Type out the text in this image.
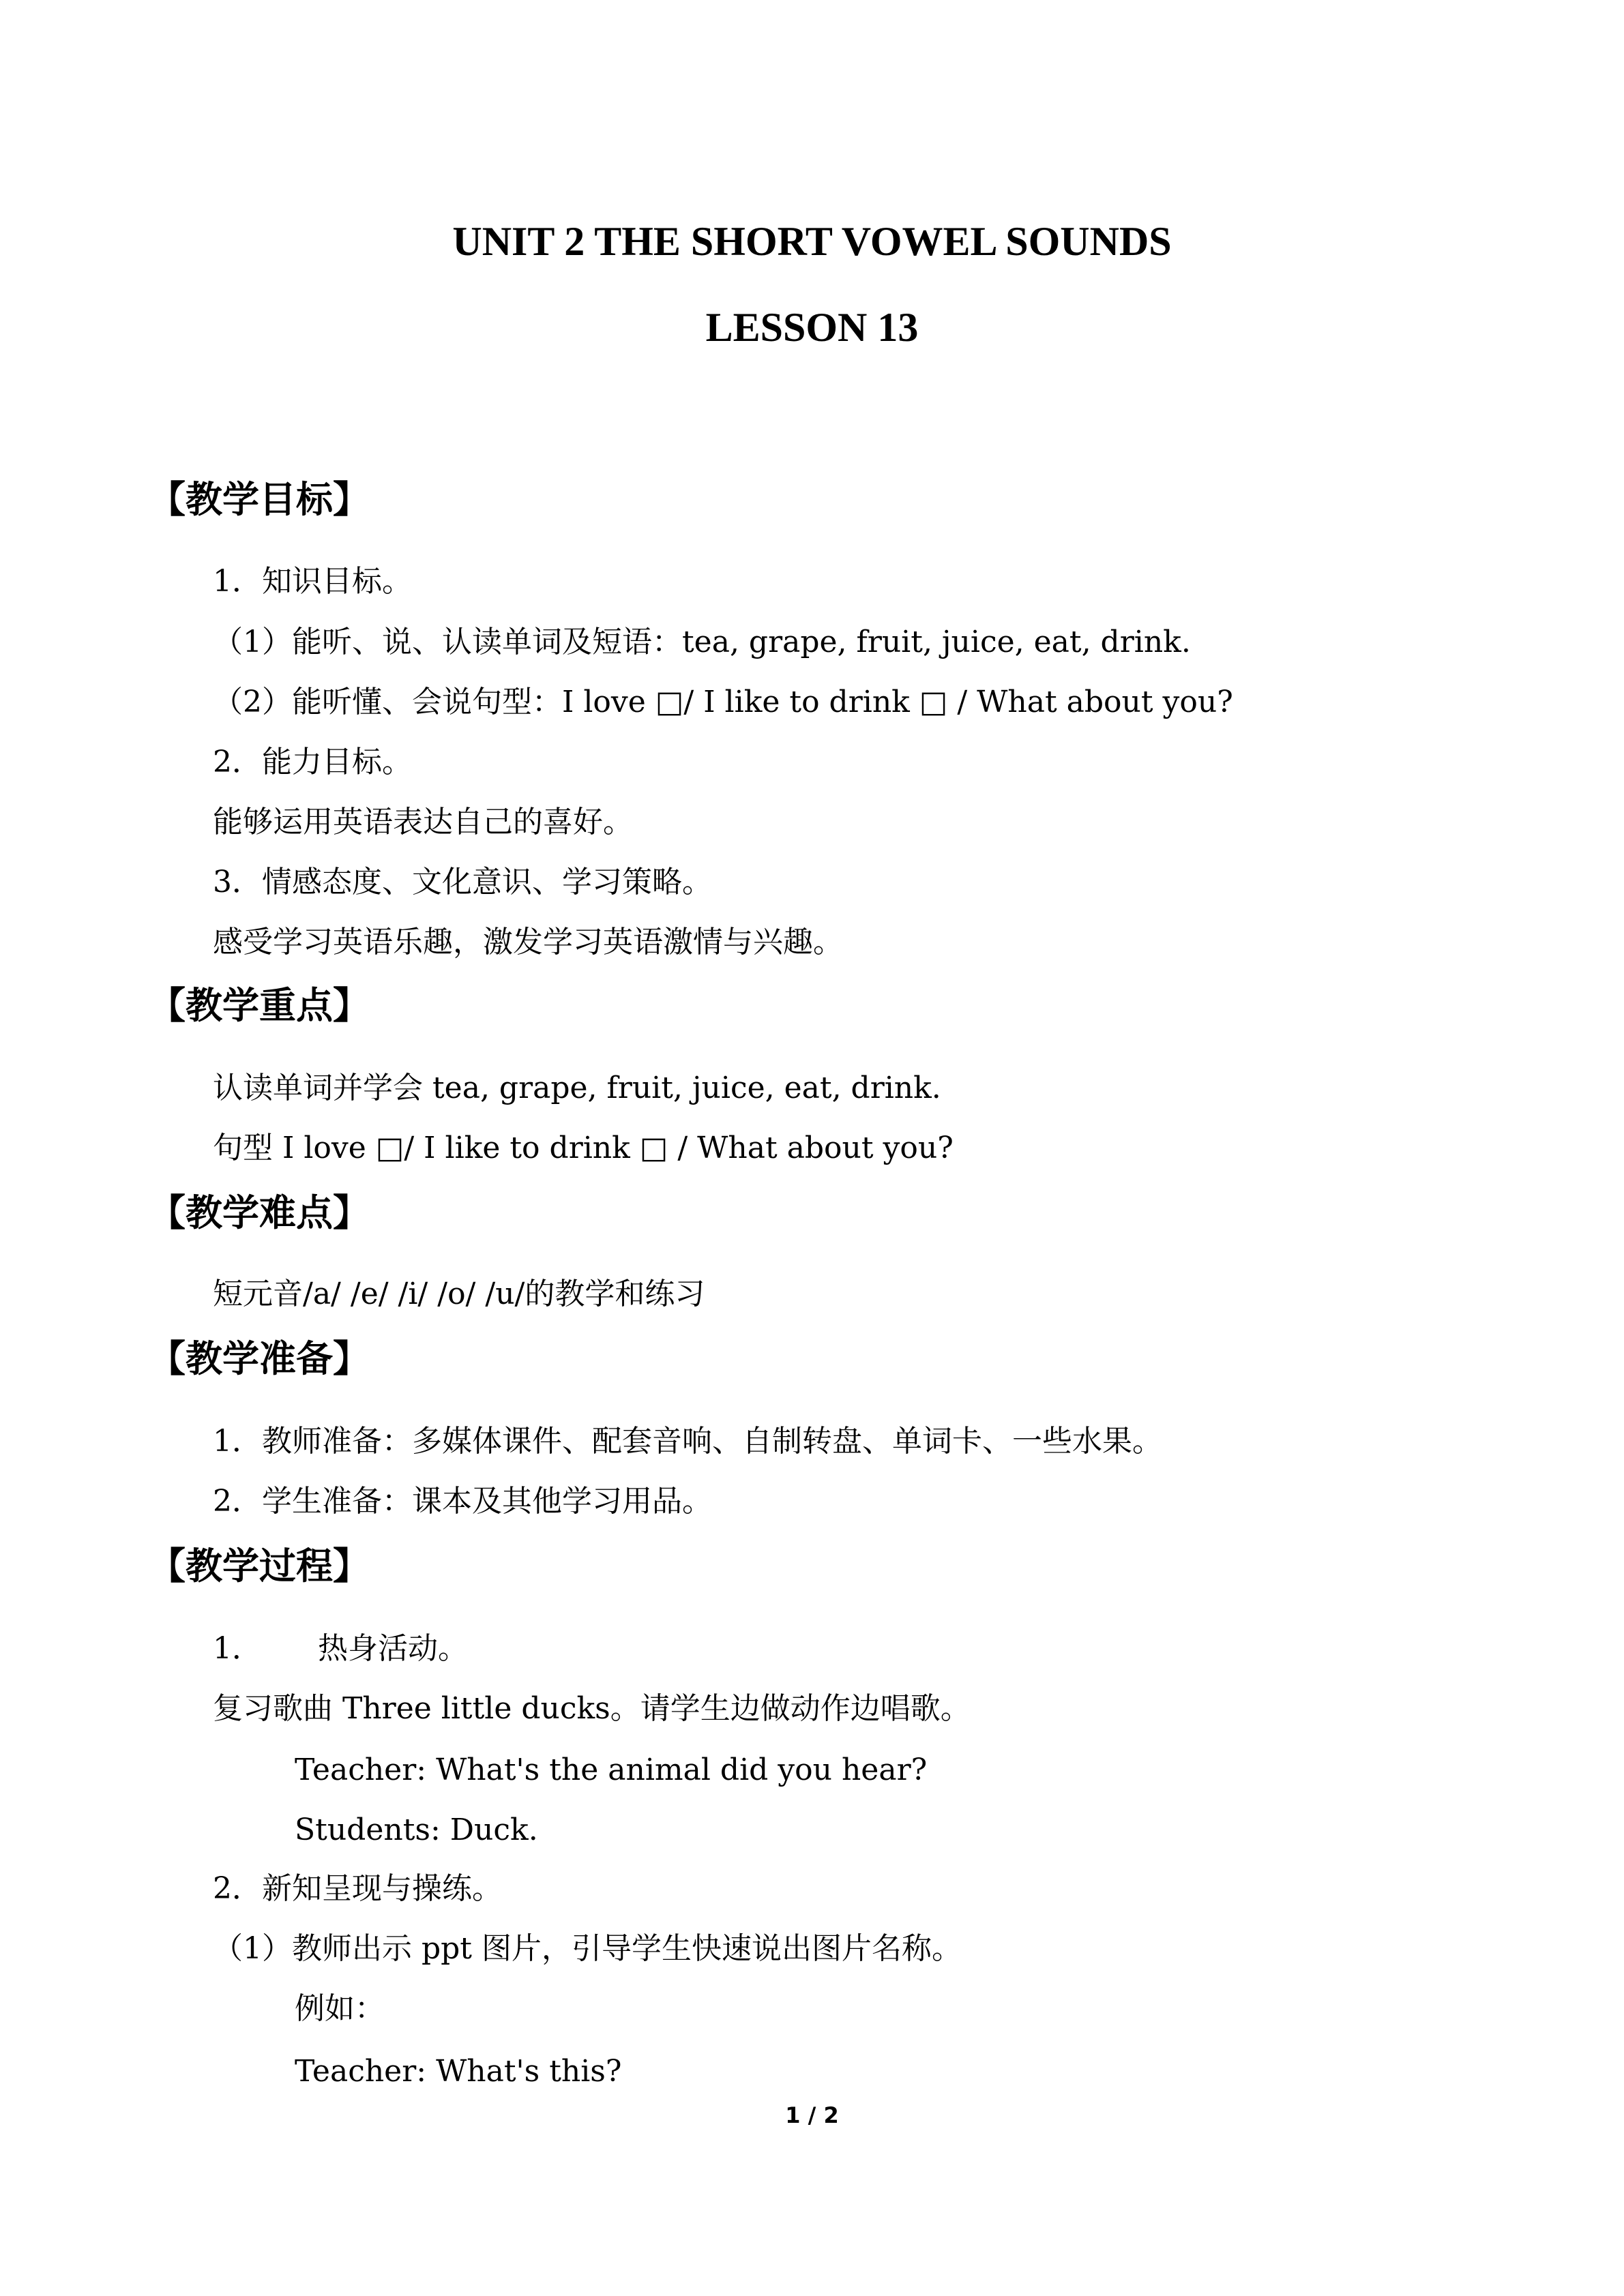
UNIT 2 THE SHORT VOWEL SOUNDS
LESSON 13
【教学目标】
1．知识目标。
（1）能听、说、认读单词及短语：tea, grape, fruit, juice, eat, drink.
（2）能听懂、会说句型：I love □/ I like to drink □ / What about you?
2．能力目标。
能够运用英语表达自己的喜好。
3．情感态度、文化意识、学习策略。
感受学习英语乐趣，激发学习英语激情与兴趣。
【教学重点】
认读单词并学会 tea, grape, fruit, juice, eat, drink.
句型 I love □/ I like to drink □ / What about you?
【教学难点】
短元音/a/ /e/ /i/ /o/ /u/的教学和练习
【教学准备】
1．教师准备：多媒体课件、配套音响、自制转盘、单词卡、一些水果。
2．学生准备：课本及其他学习用品。
【教学过程】
1． 热身活动。
复习歌曲 Three little ducks。请学生边做动作边唱歌。
Teacher: What's the animal did you hear?
Students: Duck.
2．新知呈现与操练。
（1）教师出示 ppt 图片，引导学生快速说出图片名称。
例如：
Teacher: What's this?
1 / 2
